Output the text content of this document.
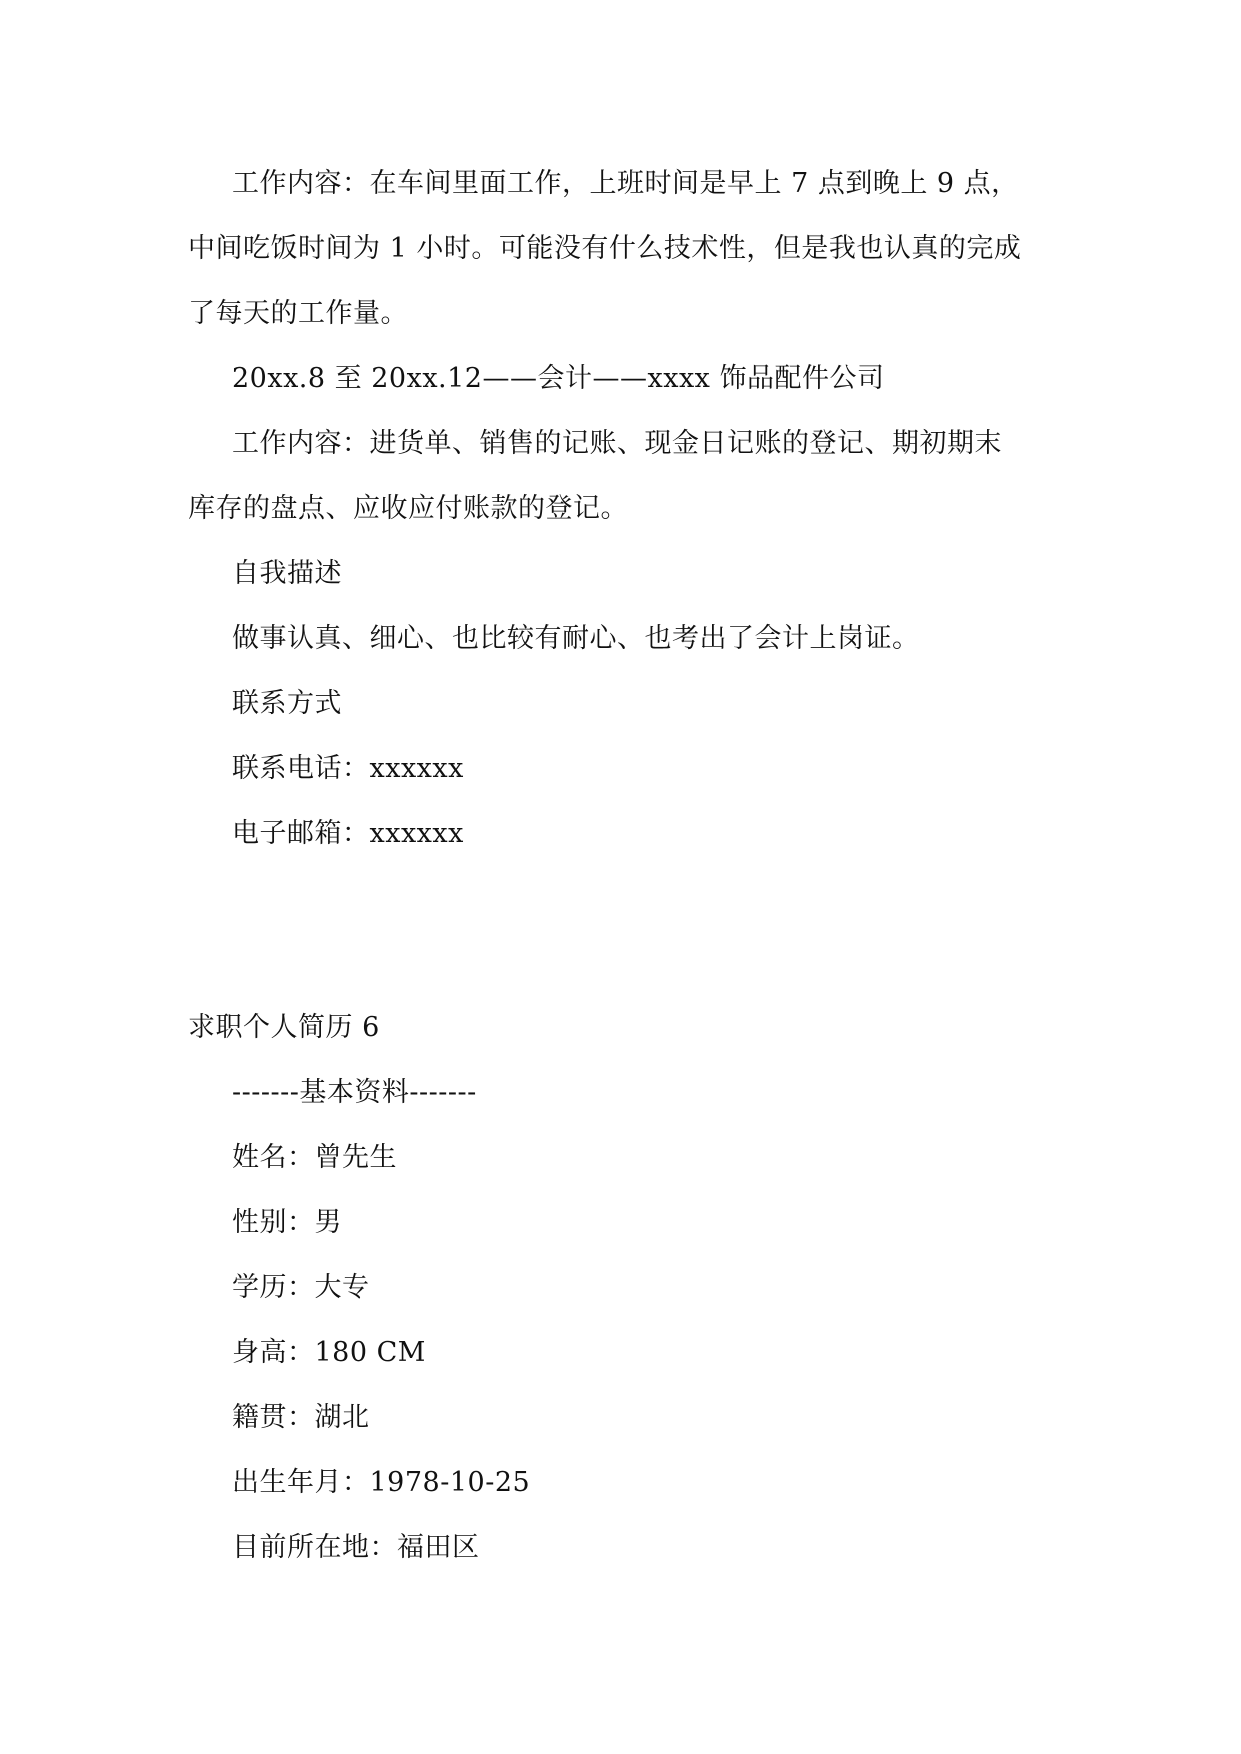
工作内容：在车间里面工作，上班时间是早上 7 点到晚上 9 点，
中间吃饭时间为 1 小时。可能没有什么技术性，但是我也认真的完成
了每天的工作量。
20xx.8 至 20xx.12——会计——xxxx 饰品配件公司
工作内容：进货单、销售的记账、现金日记账的登记、期初期末
库存的盘点、应收应付账款的登记。
自我描述
做事认真、细心、也比较有耐心、也考出了会计上岗证。
联系方式
联系电话：xxxxxx
电子邮箱：xxxxxx
求职个人简历 6
-------基本资料-------
姓名：曾先生
性别：男
学历：大专
身高：180 CM
籍贯：湖北
出生年月：1978-10-25
目前所在地：福田区
